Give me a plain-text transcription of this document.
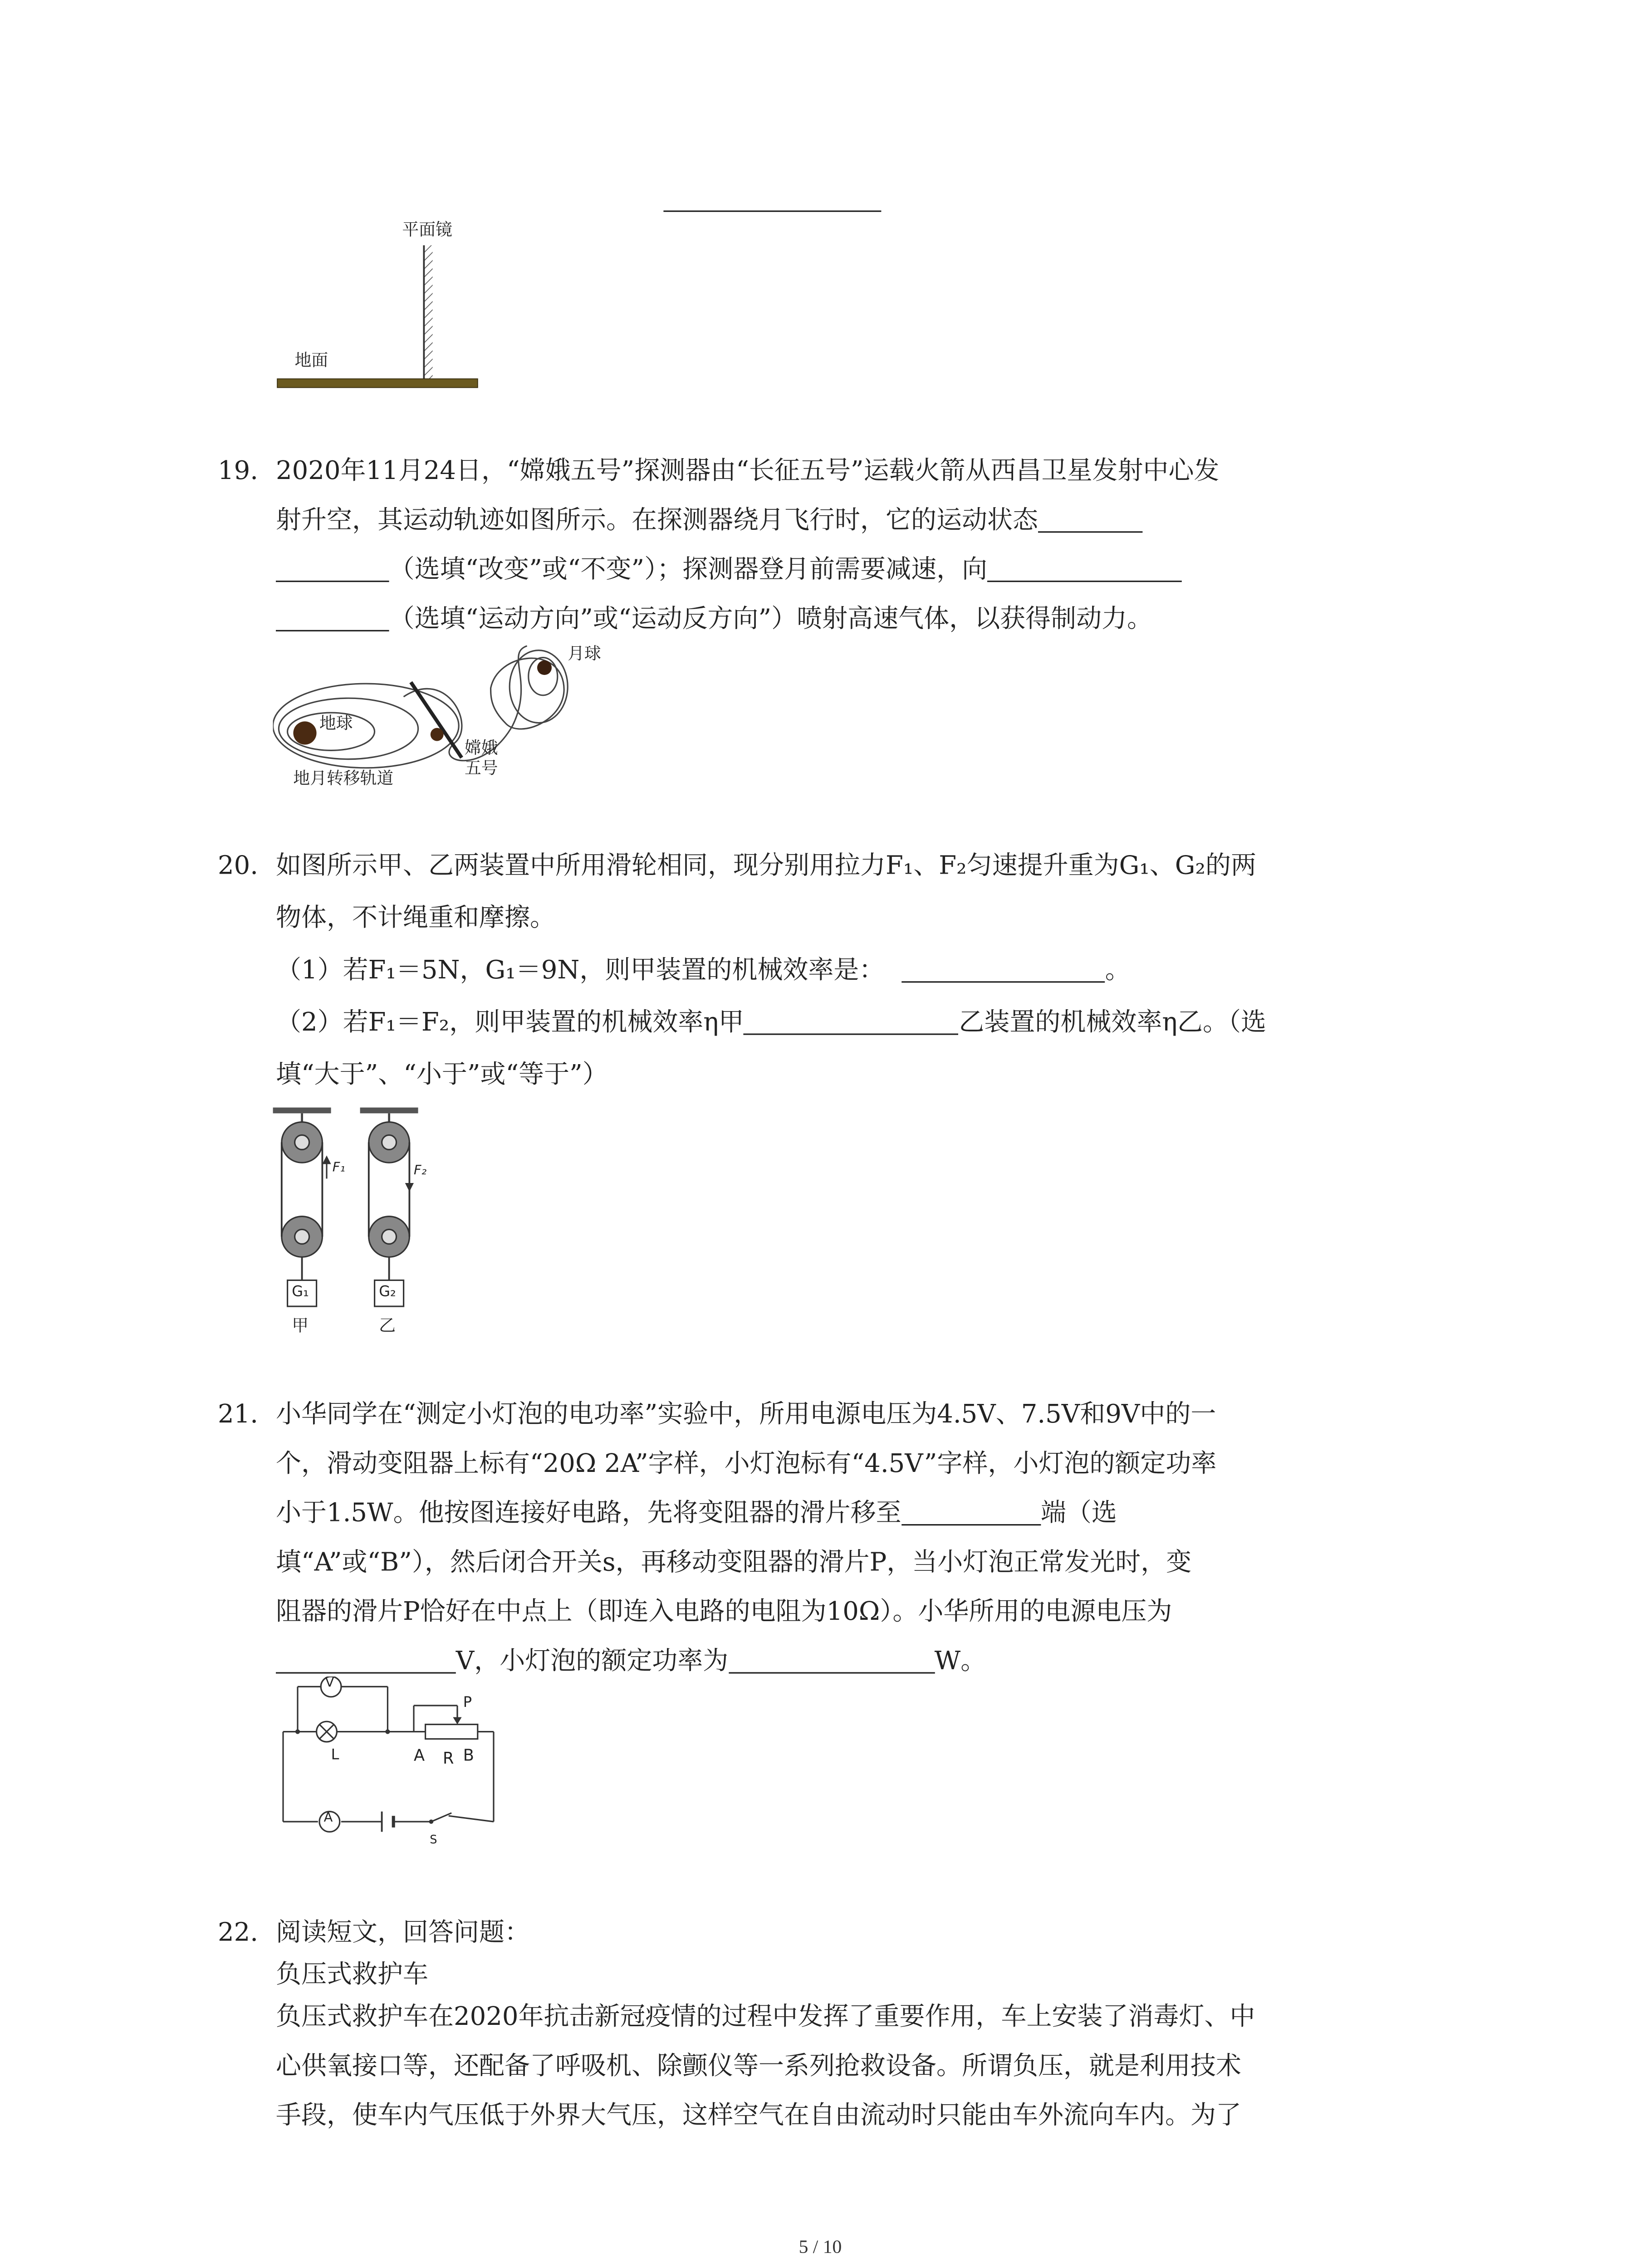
平面镜
地面
19. 2020年11月24日，“嫦娥五号”探测器由“长征五号”运载火箭从西昌卫星发射中心发
射升空，其运动轨迹如图所示。在探测器绕月飞行时，它的运动状态
（选填“改变”或“不变”）；探测器登月前需要减速，向
（选填“运动方向”或“运动反方向”）喷射高速气体，以获得制动力。
月球
地球
嫦娥
五号
地月转移轨道
20. 如图所示甲、乙两装置中所用滑轮相同，现分别用拉力F₁、F₂匀速提升重为G₁、G₂的两
物体，不计绳重和摩擦。
（1）若F₁＝5N，G₁＝9N，则甲装置的机械效率是：	。
（2）若F₁＝F₂，则甲装置的机械效率η甲	乙装置的机械效率η乙。（选
填“大于”、“小于”或“等于”）
F₁	F₂
G₁	G₂
甲	乙
21. 小华同学在“测定小灯泡的电功率”实验中，所用电源电压为4.5V、7.5V和9V中的一
个，滑动变阻器上标有“20Ω 2A”字样，小灯泡标有“4.5V”字样，小灯泡的额定功率
小于1.5W。他按图连接好电路，先将变阻器的滑片移至	端（选
填“A”或“B”），然后闭合开关s，再移动变阻器的滑片P，当小灯泡正常发光时，变
阻器的滑片P恰好在中点上（即连入电路的电阻为10Ω）。小华所用的电源电压为
V，小灯泡的额定功率为	W。
V
L
A
P
A	R B
S
22. 阅读短文，回答问题：
负压式救护车
负压式救护车在2020年抗击新冠疫情的过程中发挥了重要作用，车上安装了消毒灯、中
心供氧接口等，还配备了呼吸机、除颤仪等一系列抢救设备。所谓负压，就是利用技术
手段，使车内气压低于外界大气压，这样空气在自由流动时只能由车外流向车内。为了
5 / 10
